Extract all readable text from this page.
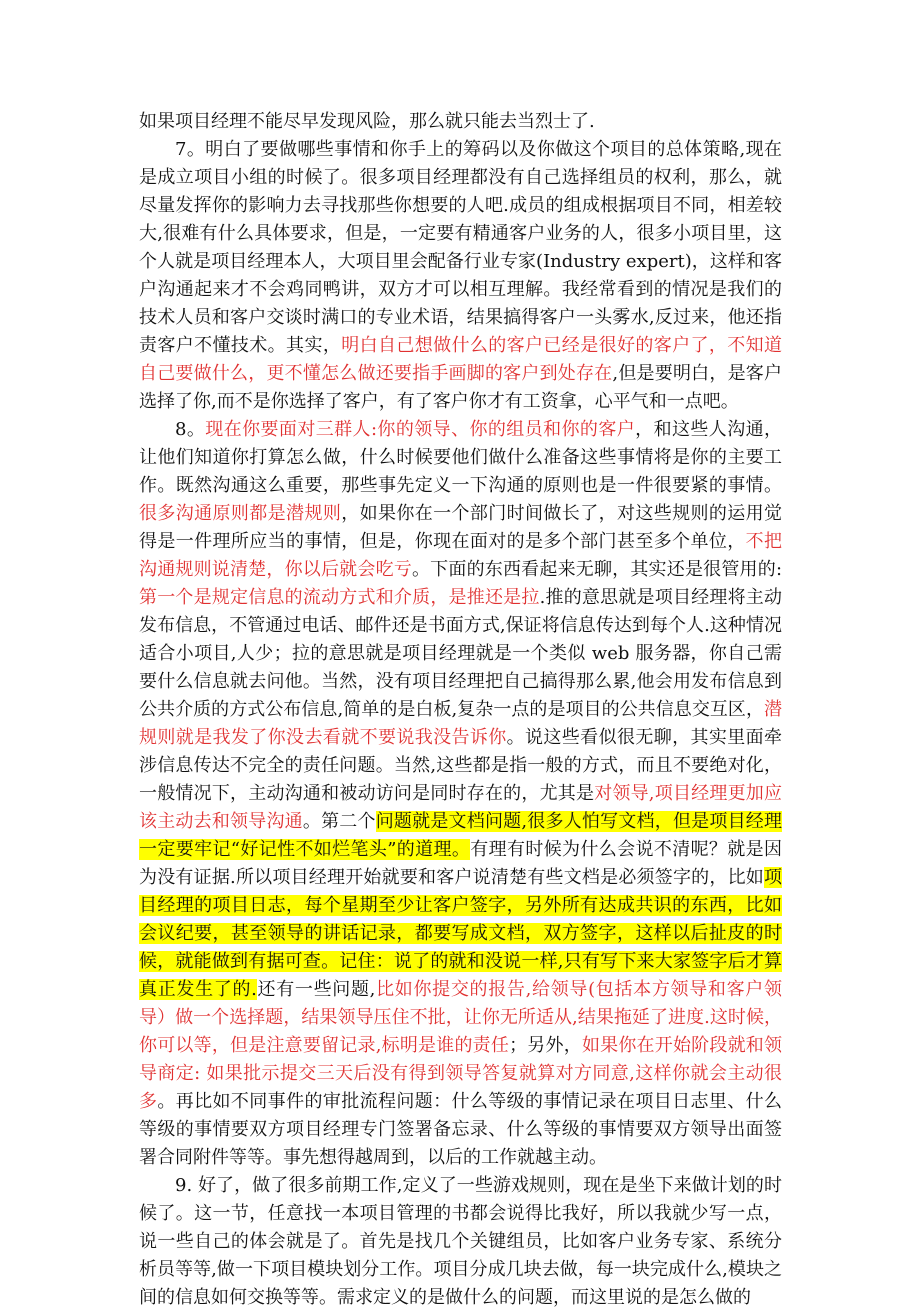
如果项目经理不能尽早发现风险，那么就只能去当烈士了.

7。明白了要做哪些事情和你手上的筹码以及你做这个项目的总体策略,现在是成立项目小组的时候了。很多项目经理都没有自己选择组员的权利，那么，就尽量发挥你的影响力去寻找那些你想要的人吧.成员的组成根据项目不同，相差较大,很难有什么具体要求，但是，一定要有精通客户业务的人，很多小项目里，这个人就是项目经理本人，大项目里会配备行业专家(Industry expert)，这样和客户沟通起来才不会鸡同鸭讲，双方才可以相互理解。我经常看到的情况是我们的技术人员和客户交谈时满口的专业术语，结果搞得客户一头雾水,反过来，他还指责客户不懂技术。其实，明白自己想做什么的客户已经是很好的客户了，不知道自己要做什么，更不懂怎么做还要指手画脚的客户到处存在,但是要明白，是客户选择了你,而不是你选择了客户，有了客户你才有工资拿，心平气和一点吧。

8。现在你要面对三群人:你的领导、你的组员和你的客户，和这些人沟通，让他们知道你打算怎么做，什么时候要他们做什么准备这些事情将是你的主要工作。既然沟通这么重要，那些事先定义一下沟通的原则也是一件很要紧的事情。很多沟通原则都是潜规则，如果你在一个部门时间做长了，对这些规则的运用觉得是一件理所应当的事情，但是，你现在面对的是多个部门甚至多个单位，不把沟通规则说清楚，你以后就会吃亏。下面的东西看起来无聊，其实还是很管用的:第一个是规定信息的流动方式和介质，是推还是拉.推的意思就是项目经理将主动发布信息，不管通过电话、邮件还是书面方式,保证将信息传达到每个人.这种情况适合小项目,人少；拉的意思就是项目经理就是一个类似 web 服务器，你自己需要什么信息就去问他。当然，没有项目经理把自己搞得那么累,他会用发布信息到公共介质的方式公布信息,简单的是白板,复杂一点的是项目的公共信息交互区，潜规则就是我发了你没去看就不要说我没告诉你。说这些看似很无聊，其实里面牵涉信息传达不完全的责任问题。当然,这些都是指一般的方式，而且不要绝对化，一般情况下，主动沟通和被动访问是同时存在的，尤其是对领导,项目经理更加应该主动去和领导沟通。第二个问题就是文档问题,很多人怕写文档，但是项目经理一定要牢记“好记性不如烂笔头”的道理。有理有时候为什么会说不清呢？就是因为没有证据.所以项目经理开始就要和客户说清楚有些文档是必须签字的，比如项目经理的项目日志，每个星期至少让客户签字，另外所有达成共识的东西，比如会议纪要，甚至领导的讲话记录，都要写成文档，双方签字，这样以后扯皮的时候，就能做到有据可查。记住：说了的就和没说一样,只有写下来大家签字后才算真正发生了的.还有一些问题,比如你提交的报告,给领导(包括本方领导和客户领导）做一个选择题，结果领导压住不批，让你无所适从,结果拖延了进度.这时候，你可以等，但是注意要留记录,标明是谁的责任；另外，如果你在开始阶段就和领导商定: 如果批示提交三天后没有得到领导答复就算对方同意,这样你就会主动很多。再比如不同事件的审批流程问题：什么等级的事情记录在项目日志里、什么等级的事情要双方项目经理专门签署备忘录、什么等级的事情要双方领导出面签署合同附件等等。事先想得越周到，以后的工作就越主动。

9. 好了，做了很多前期工作,定义了一些游戏规则，现在是坐下来做计划的时候了。这一节，任意找一本项目管理的书都会说得比我好，所以我就少写一点，说一些自己的体会就是了。首先是找几个关键组员，比如客户业务专家、系统分析员等等,做一下项目模块划分工作。项目分成几块去做，每一块完成什么,模块之间的信息如何交换等等。需求定义的是做什么的问题，而这里说的是怎么做的
